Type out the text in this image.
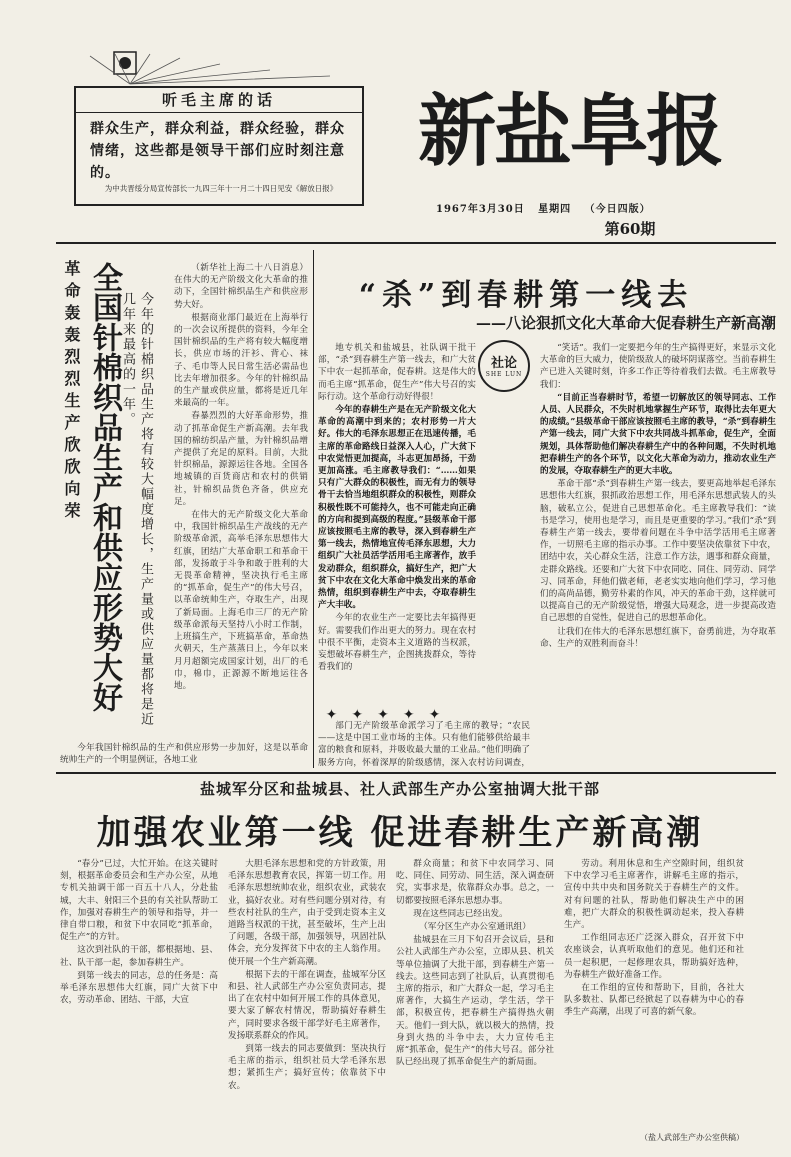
听毛主席的话
群众生产，群众利益，群众经验，群众情绪，这些都是领导干部们应时刻注意的。
为中共晋绥分局宣传部长一九四三年十一月二十四日见安《解放日报》
新盐阜报
1967年3月30日 星期四 （今日四版）
第60期
革命轰轰烈烈生产欣欣向荣 全国针棉织品生产和供应形势大好	今年的针棉织品生产将有较大幅度增长，生产量或供应量都将是近几年来最高的一年。

（新华社上海二十八日消息）在伟大的无产阶级文化大革命的推动下，全国针棉织品生产和供应形势大好。

根据商业部门最近在上海举行的一次会议所提供的资料，今年全国针棉织品的生产将有较大幅度增长，供应市场的汗衫、背心、袜子、毛巾等人民日常生活必需品也比去年增加很多。今年的针棉织品的生产量或供应量，都将是近几年来最高的一年。

春暴烈烈的大好革命形势，推动了抓革命促生产新高潮。去年我国的棉纺织品产量，为针棉织品增产提供了充足的原料。目前，大批针织棉品，源源运往各地。全国各地城镇的百货商店和农村的供销社，针棉织品货色齐备，供应充足。

在伟大的无产阶级文化大革命中，我国针棉织品生产战线的无产阶级革命派，高举毛泽东思想伟大红旗，团结广大革命职工和革命干部，发扬敢于斗争和敢于胜利的大无畏革命精神，坚决执行毛主席的“抓革命，促生产”的伟大号召，以革命统帅生产，夺取生产，出现了新局面。上海毛巾三厂的无产阶级革命派每天坚持八小时工作制，上班搞生产，下班搞革命，革命热火朝天，生产蒸蒸日上，今年以来月月超额完成国家计划，出厂的毛巾，棉巾，正源源不断地运往各地。

今年我国针棉织品的生产和供应形势一步加好，这是以革命统帅生产的一个明显例证，各地工业
“杀”到春耕第一线去
——八论狠抓文化大革命大促春耕生产新高潮

地专机关和盐城县，社队调干批干部，“杀”到春耕生产第一线去，和广大贫下中农一起抓革命，促春耕。这是伟大的而毛主席“抓革命，促生产”伟大号召的实际行动。这个革命行动好得很！

今年的春耕生产是在无产阶级文化大革命的高潮中到来的；农村形势一片大好。伟大的毛泽东思想正在迅速传播，毛主席的革命路线日益深入人心，广大贫下中农觉悟更加提高，斗志更加昂扬，干劲更加高涨。毛主席教导我们：“……如果只有广大群众的积极性，而无有力的领导骨干去恰当地组织群众的积极性，则群众积极性既不可能持久，也不可能走向正确的方向和提到高级的程度。”县级革命干部应该按照毛主席的教导，深入到春耕生产第一线去，热情地宣传毛泽东思想，大力组织广大社员活学活用毛主席著作，放手发动群众，组织群众，搞好生产，把广大贫下中农在文化大革命中焕发出来的革命热情，组织到春耕生产中去，夺取春耕生产大丰收。

今年的农业生产一定要比去年搞得更好。需要我们作出更大的努力。现在农村中很不平衡，走资本主义道路的当权派，妄想破坏春耕生产，企图挑拨群众，等待看我们的

社论
SHE LUN

“笑话”。我们一定要把今年的生产搞得更好，来显示文化大革命的巨大威力，使阶级敌人的破坏阴谋落空。当前春耕生产已进入关键时刻，许多工作正等待着我们去做。毛主席教导我们：

“目前正当春耕时节，希望一切解放区的领导同志、工作人员、人民群众，不失时机地掌握生产环节，取得比去年更大的成绩。”县级革命干部应该按照毛主席的教导，“杀”到春耕生产第一线去，同广大贫下中农共同战斗抓革命，促生产，全面规划，具体帮助他们解决春耕生产中的各种问题，不失时机地把春耕生产的各个环节，以文化大革命为动力，推动农业生产的发展，夺取春耕生产的更大丰收。

革命干部“杀”到春耕生产第一线去，要更高地举起毛泽东思想伟大红旗，狠抓政治思想工作，用毛泽东思想武装人的头脑，破私立公，促进自己思想革命化。毛主席教导我们：“读书是学习，使用也是学习，而且是更重要的学习。”我们“杀”到春耕生产第一线去，要带着问题在斗争中活学活用毛主席著作，一切照毛主席的指示办事。工作中要坚决依靠贫下中农，团结中农，关心群众生活，注意工作方法，遇事和群众商量，走群众路线。还要和广大贫下中农同吃、同住、同劳动、同学习、同革命，拜他们做老师，老老实实地向他们学习，学习他们的高尚品德，勤劳朴素的作风，冲天的革命干劲，这样就可以提高自己的无产阶级觉悟，增强大局观念，进一步提高改造自己思想的自觉性，促进自己的思想革命化。

让我们在伟大的毛泽东思想红旗下，奋勇前进，为夺取革命、生产的双胜利而奋斗！

✦✦✦✦✦
部门无产阶级革命派学习了毛主席的教导；“农民——这是中国工业市场的主体。只有他们能够供给最丰富的粮食和原料，并吸收最大量的工业品。”他们明确了服务方向，怀着深厚的阶级感情，深入农村访问调查，
盐城军分区和盐城县、社人武部生产办公室抽调大批干部
加强农业第一线 促进春耕生产新高潮

“春分”已过，大忙开始。在这关键时刻，根据革命委员会和生产办公室，从地专机关抽调干部一百五十八人，分赴盐城，大丰、射阳三个县的有关社队帮助工作，加强对春耕生产的领导和指导，并一律自带口粮，和贫下中农同吃“抓革命，促生产”的方针。

这次到社队的干部，都根据地、县、社、队干部一起，参加春耕生产。

到第一线去的同志，总的任务是：高举毛泽东思想伟大红旗，同广大贫下中农，劳动革命、团结、干部，大宣

大胆毛泽东思想和党的方针政策，用毛泽东思想教育农民，挥第一切工作。用毛泽东思想统帅农业，组织农业，武装农业，搞好农业。对有些问题分别对待，有些农村社队的生产，由于受到走资本主义道路当权派的干扰，甚至破坏，生产上出了问题，各级干部，加强领导，巩固社队体会，充分发挥贫下中农的主人翁作用。使开展一个生产新高潮。

根据下去的干部在调查，盐城军分区和县、社人武部生产办公室负责同志，提出了在农村中如何开展工作的具体意见，要大家了解农村情况，帮助搞好春耕生产，同时要求各级干部学好毛主席著作，发扬联系群众的作风。

到第一线去的同志要做到：坚决执行毛主席的指示，组织社员大学毛泽东思想；紧抓生产；搞好宣传；依靠贫下中农。

群众商量；和贫下中农同学习、同吃、同住、同劳动、同生活，深入调查研究，实事求是，依靠群众办事。总之，一切都要按照毛泽东思想办事。

现在这些同志已经出发。

（军分区生产办公室通讯组）

盐城县在三月下旬召开会议后，县和公社人武部生产办公室，立即从县、机关等单位抽调了大批干部，到春耕生产第一线去。这些同志到了社队后，认真贯彻毛主席的指示，和广大群众一起，学习毛主席著作，大搞生产运动，学生活，学干部，积极宣传，把春耕生产搞得热火朝天。他们一到大队，就以极大的热情，投身到火热的斗争中去，大力宣传毛主席“抓革命，促生产”的伟大号召。部分社队已经出现了抓革命促生产的新局面。

劳动。利用休息和生产空隙时间，组织贫下中农学习毛主席著作，讲解毛主席的指示，宣传中共中央和国务院关于春耕生产的文件。对有问题的社队，帮助他们解决生产中的困难，把广大群众的积极性调动起来，投入春耕生产。

工作组同志还广泛深入群众，召开贫下中农座谈会，认真听取他们的意见。他们还和社员一起积肥，一起修理农具，帮助搞好选种，为春耕生产做好准备工作。

在工作组的宣传和帮助下，目前，各社大队多数社、队都已经掀起了以春耕为中心的春季生产高潮，出现了可喜的新气象。

（盐人武部生产办公室供稿）
